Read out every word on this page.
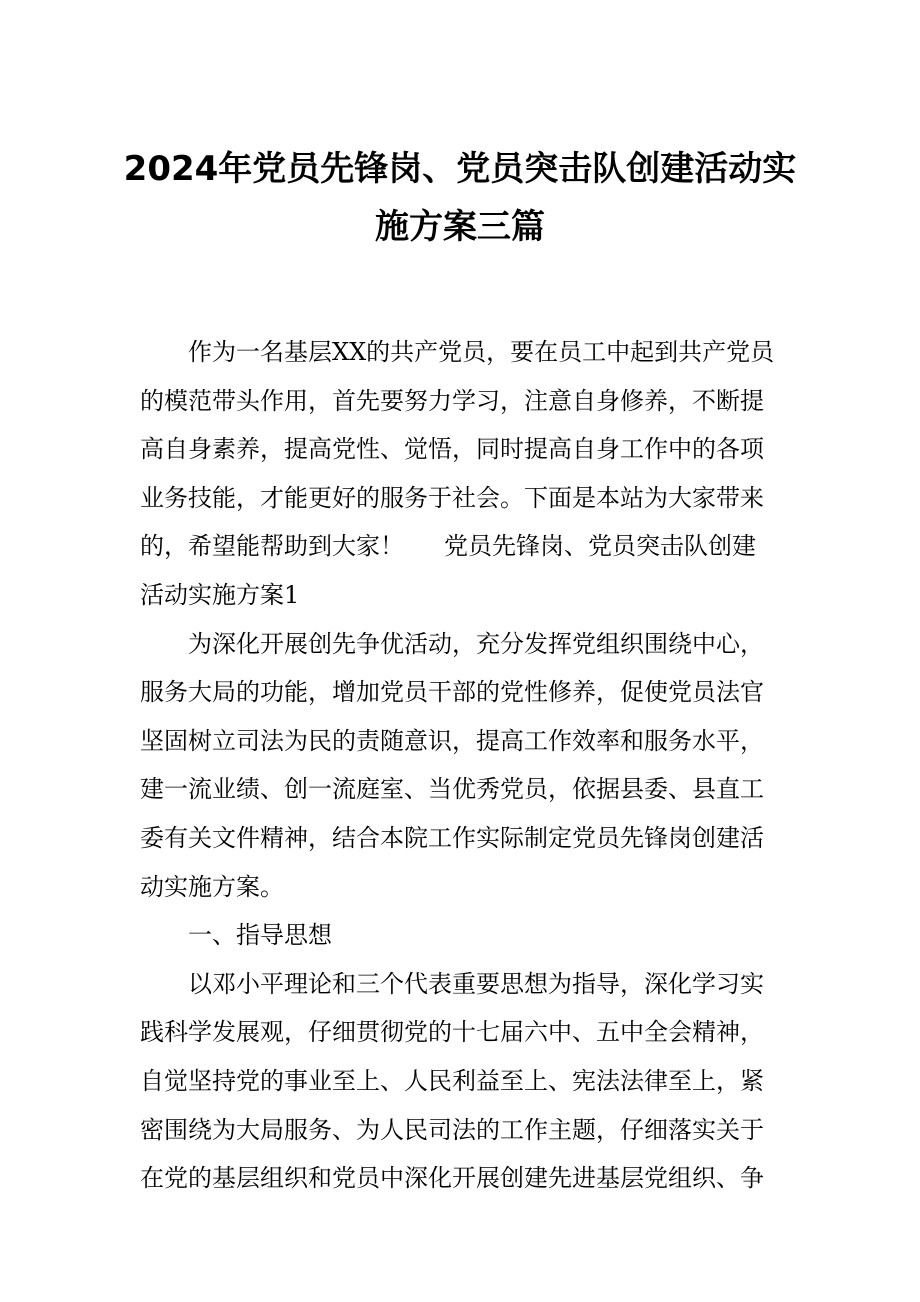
2024年党员先锋岗、党员突击队创建活动实
施方案三篇
作为一名基层XX的共产党员，要在员工中起到共产党员
的模范带头作用，首先要努力学习，注意自身修养，不断提
高自身素养，提高党性、觉悟，同时提高自身工作中的各项
业务技能，才能更好的服务于社会。下面是本站为大家带来
的，希望能帮助到大家！ 党员先锋岗、党员突击队创建
活动实施方案1
为深化开展创先争优活动，充分发挥党组织围绕中心，
服务大局的功能，增加党员干部的党性修养，促使党员法官
坚固树立司法为民的责随意识，提高工作效率和服务水平，
建一流业绩、创一流庭室、当优秀党员，依据县委、县直工
委有关文件精神，结合本院工作实际制定党员先锋岗创建活
动实施方案。
一、指导思想
以邓小平理论和三个代表重要思想为指导，深化学习实
践科学发展观，仔细贯彻党的十七届六中、五中全会精神，
自觉坚持党的事业至上、人民利益至上、宪法法律至上，紧
密围绕为大局服务、为人民司法的工作主题，仔细落实关于
在党的基层组织和党员中深化开展创建先进基层党组织、争
